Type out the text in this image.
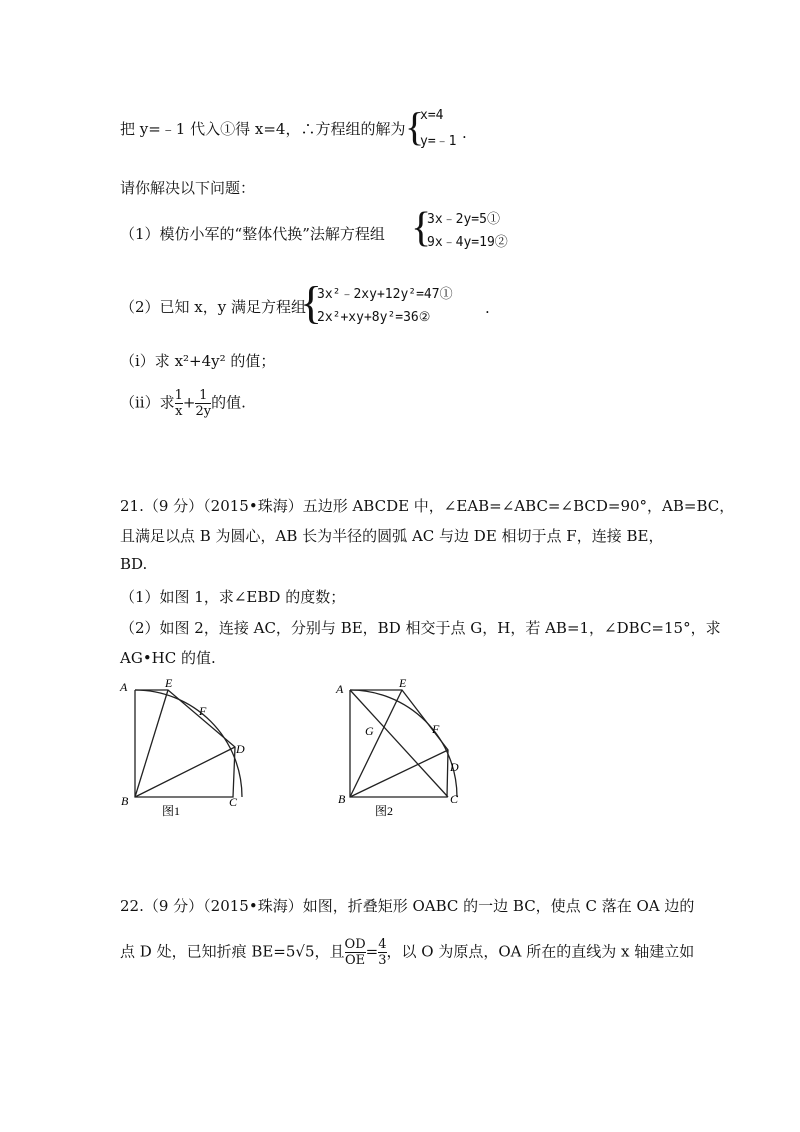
把 y=﹣1 代入①得 x=4，∴方程组的解为 {
x=4
y=﹣1 .
请你解决以下问题：
（1）模仿小军的“整体代换”法解方程组 {
3x﹣2y=5①
9x﹣4y=19②
（2）已知 x，y 满足方程组
{
3x²﹣2xy+12y²=47①
2x²+xy+8y²=36②
.
（i）求 x²+4y² 的值；
（ii）求 $\frac{1}{x} + \frac{1}{2y}$ 的值.
21.（9 分）（2015•珠海）五边形 ABCDE 中，∠EAB=∠ABC=∠BCD=90°，AB=BC，
且满足以点 B 为圆心，AB 长为半径的圆弧 AC 与边 DE 相切于点 F，连接 BE，
BD.
（1）如图 1，求∠EBD 的度数；
（2）如图 2，连接 AC，分别与 BE，BD 相交于点 G，H，若 AB=1，∠DBC=15°，求
AG•HC 的值.
A	E
F
D
B	C
图1
A	E
G	F
D
B	C
图2
22.（9 分）（2015•珠海）如图，折叠矩形 OABC 的一边 BC，使点 C 落在 OA 边的
点 D 处，已知折痕 BE=5√5，且 $\frac{OD}{OE} = \frac{4}{3}$ ，以 O 为原点，OA 所在的直线为 x 轴建立如
